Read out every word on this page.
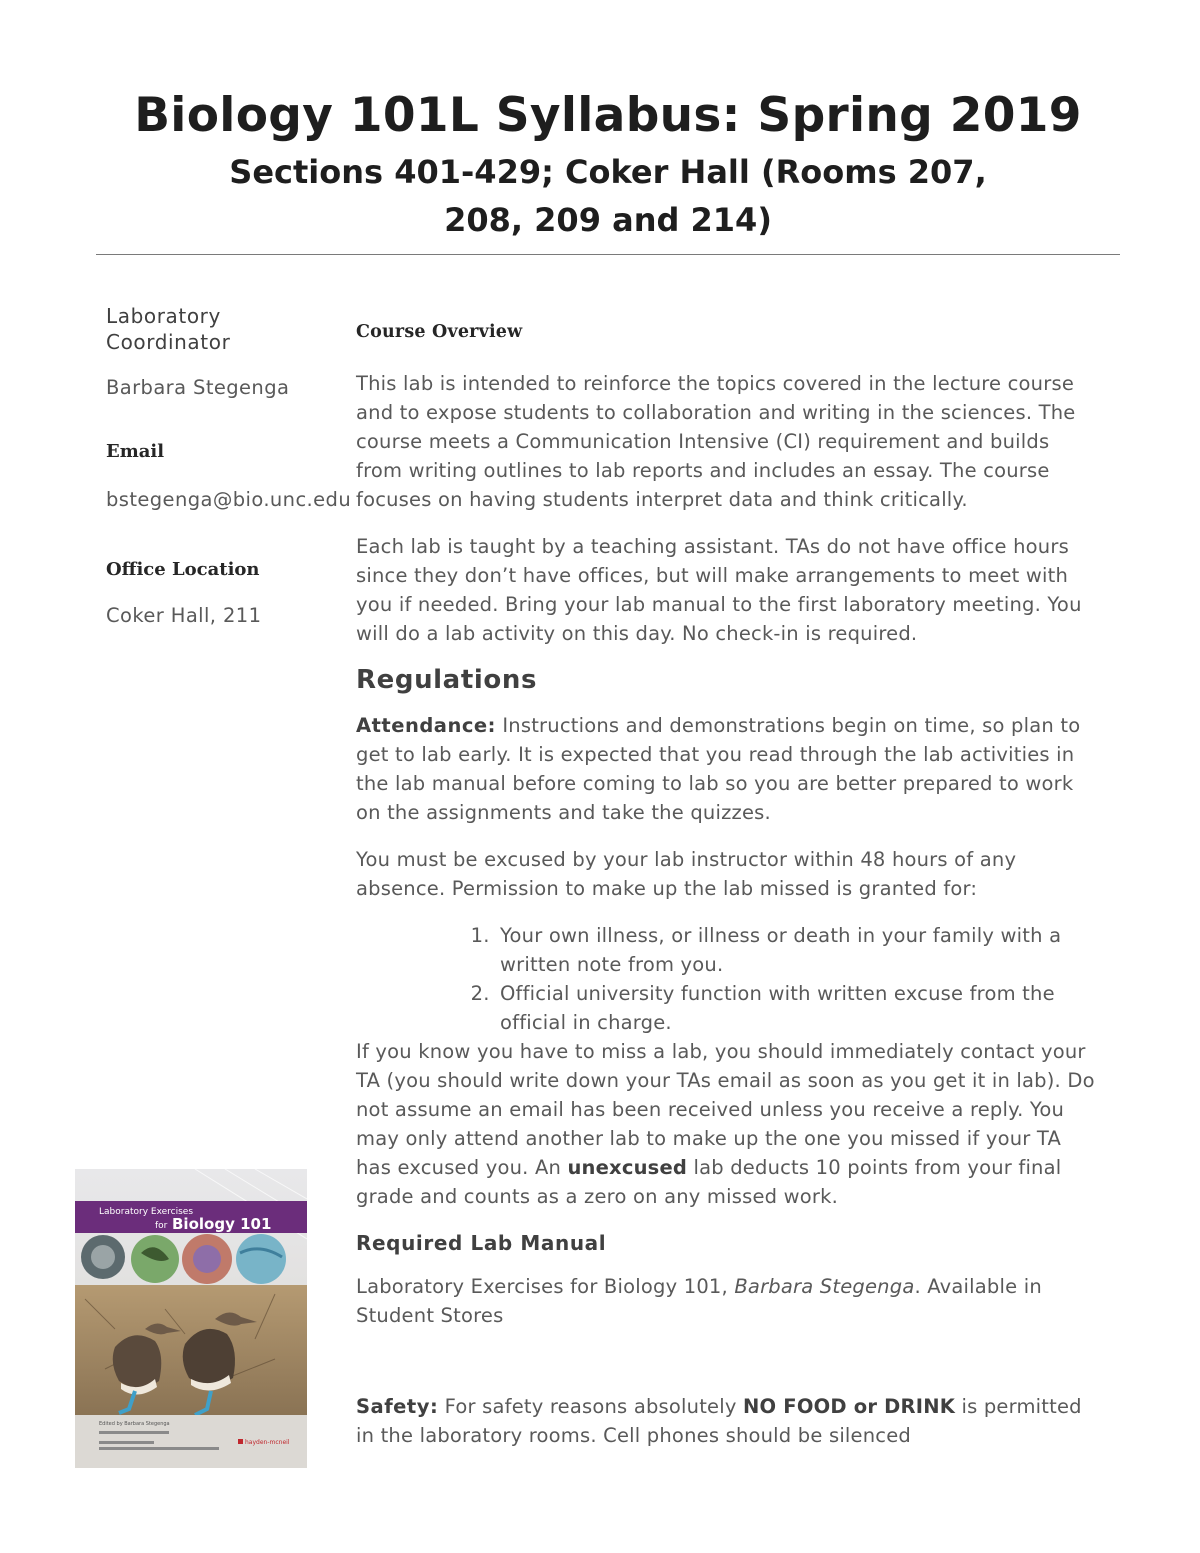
Biology 101L Syllabus: Spring 2019
Sections 401-429; Coker Hall (Rooms 207, 208, 209 and 214)
Laboratory Coordinator

Barbara Stegenga

Email

bstegenga@bio.unc.edu

Office Location

Coker Hall, 211

Laboratory Exercises
for Biology 101
Edited by Barbara Stegenga
hayden-mcneil
Course Overview

This lab is intended to reinforce the topics covered in the lecture course and to expose students to collaboration and writing in the sciences. The course meets a Communication Intensive (CI) requirement and builds from writing outlines to lab reports and includes an essay. The course focuses on having students interpret data and think critically.

Each lab is taught by a teaching assistant. TAs do not have office hours since they don’t have offices, but will make arrangements to meet with you if needed. Bring your lab manual to the first laboratory meeting. You will do a lab activity on this day. No check-in is required.

Regulations

Attendance: Instructions and demonstrations begin on time, so plan to get to lab early. It is expected that you read through the lab activities in the lab manual before coming to lab so you are better prepared to work on the assignments and take the quizzes.

You must be excused by your lab instructor within 48 hours of any absence. Permission to make up the lab missed is granted for:

1. Your own illness, or illness or death in your family with a written note from you.
2. Official university function with written excuse from the official in charge.

If you know you have to miss a lab, you should immediately contact your TA (you should write down your TAs email as soon as you get it in lab). Do not assume an email has been received unless you receive a reply. You may only attend another lab to make up the one you missed if your TA has excused you. An unexcused lab deducts 10 points from your final grade and counts as a zero on any missed work.

Required Lab Manual

Laboratory Exercises for Biology 101, Barbara Stegenga. Available in Student Stores

Safety: For safety reasons absolutely NO FOOD or DRINK is permitted in the laboratory rooms. Cell phones should be silenced
